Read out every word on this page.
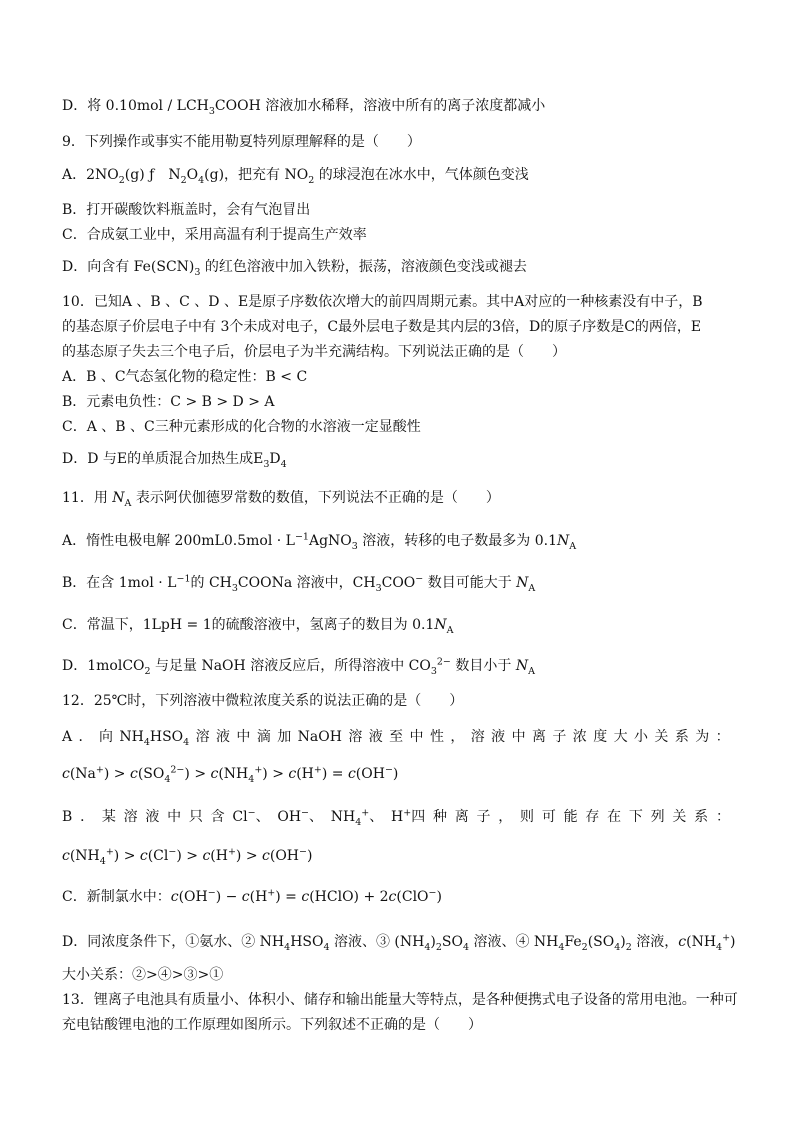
D．将 $0.10mol / LCH_3COOH$ 溶液加水稀释，溶液中所有的离子浓度都减小
9．下列操作或事实不能用勒夏特列原理解释的是（　　）
A．$2NO_2(g)$ ƒ　$N_2O_4(g)$，把充有 $NO_2$ 的球浸泡在冰水中，气体颜色变浅
B．打开碳酸饮料瓶盖时，会有气泡冒出
C．合成氨工业中，采用高温有利于提高生产效率
D．向含有 $Fe(SCN)_3$ 的红色溶液中加入铁粉，振荡，溶液颜色变浅或褪去
10．已知A 、B 、C 、D 、E是原子序数依次增大的前四周期元素。其中A对应的一种核素没有中子，B
的基态原子价层电子中有 3个未成对电子，C最外层电子数是其内层的3倍，D的原子序数是C的两倍，E
的基态原子失去三个电子后，价层电子为半充满结构。下列说法正确的是（　　）
A．B 、C气态氢化物的稳定性：B < C
B．元素电负性：C > B > D > A
C．A 、B 、C三种元素形成的化合物的水溶液一定显酸性
D．D 与E的单质混合加热生成$E_3D_4$
11．用 $N_A$ 表示阿伏伽德罗常数的数值，下列说法不正确的是（　　）
A．惰性电极电解 $200mL0.5mol \cdot L^{-1}AgNO_3$ 溶液，转移的电子数最多为 $0.1N_A$
B．在含 $1mol \cdot L^{-1}$的 $CH_3COONa$ 溶液中，$CH_3COO^-$ 数目可能大于 $N_A$
C．常温下，1LpH = 1的硫酸溶液中，氢离子的数目为 $0.1N_A$
D．1molCO$_2$ 与足量 NaOH 溶液反应后，所得溶液中 $CO_3^{2-}$ 数目小于 $N_A$
12．25℃时，下列溶液中微粒浓度关系的说法正确的是（　　）
A ． 向 $NH_4HSO_4$ 溶 液 中 滴 加 NaOH 溶 液 至 中 性 ， 溶 液 中 离 子 浓 度 大 小 关 系 为 ：
$c(Na^+) > c(SO_4^{2-}) > c(NH_4^+) > c(H^+) = c(OH^-)$
B ． 某 溶 液 中 只 含 Cl−、 OH−、 $NH_4^+$、 H+四 种 离 子 ， 则 可 能 存 在 下 列 关 系 ：
$c(NH_4^+) > c(Cl^-) > c(H^+) > c(OH^-)$
C．新制氯水中：c(OH−) − c(H+) = c(HClO) + 2c(ClO−)
D．同浓度条件下，①氨水、② $NH_4HSO_4$ 溶液、③ $(NH_4)_2SO_4$ 溶液、④ $NH_4Fe_2(SO_4)_2$ 溶液，$c(NH_4^+)$
大小关系：②>④>③>①
13．锂离子电池具有质量小、体积小、储存和输出能量大等特点，是各种便携式电子设备的常用电池。一种可
充电钴酸锂电池的工作原理如图所示。下列叙述不正确的是（　　）
